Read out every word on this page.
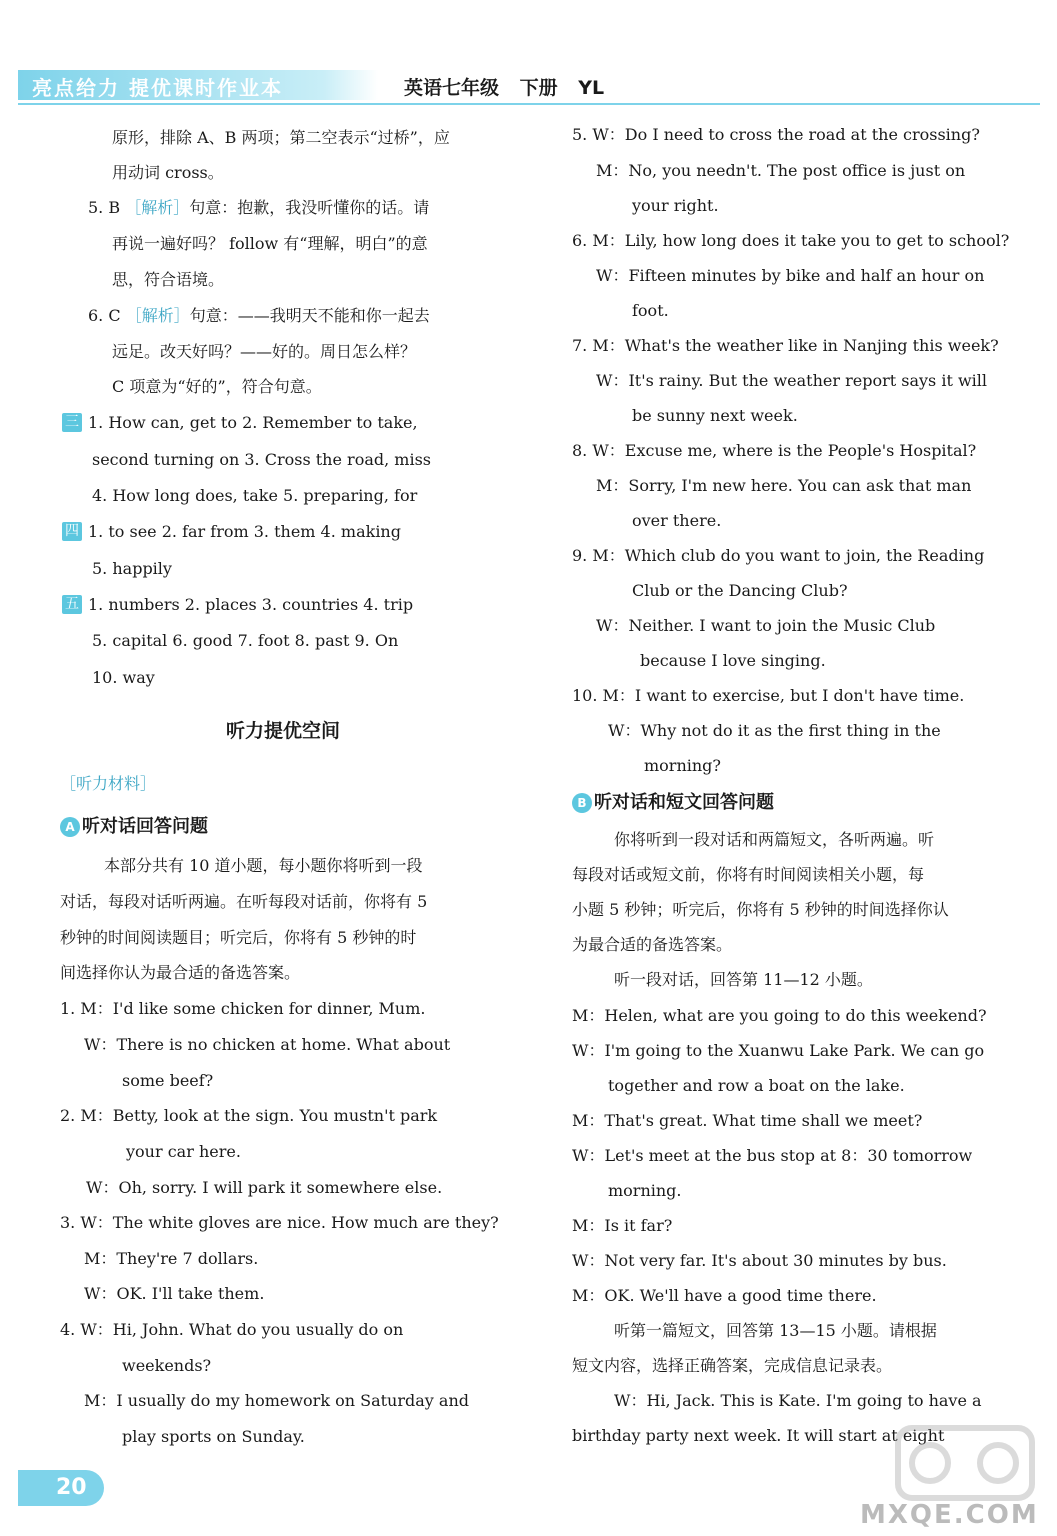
亮点给力 提优课时作业本	英语七年级 下册 YL
原形，排除 A、B 两项；第二空表示“过桥”，应
用动词 cross。
5. B ［解析］句意：抱歉，我没听懂你的话。请
再说一遍好吗？ follow 有“理解，明白”的意
思，符合语境。
6. C ［解析］句意：——我明天不能和你一起去
远足。改天好吗？——好的。周日怎么样？
C 项意为“好的”，符合句意。
三 1. How can, get to 2. Remember to take,
second turning on 3. Cross the road, miss
4. How long does, take 5. preparing, for
四 1. to see 2. far from 3. them 4. making
5. happily
五 1. numbers 2. places 3. countries 4. trip
5. capital 6. good 7. foot 8. past 9. On
10. way
听力提优空间
［听力材料］
A 听对话回答问题
本部分共有 10 道小题，每小题你将听到一段
对话，每段对话听两遍。在听每段对话前，你将有 5
秒钟的时间阅读题目；听完后，你将有 5 秒钟的时
间选择你认为最合适的备选答案。
1. M：I'd like some chicken for dinner, Mum.
W：There is no chicken at home. What about
some beef?
2. M：Betty, look at the sign. You mustn't park
your car here.
W：Oh, sorry. I will park it somewhere else.
3. W：The white gloves are nice. How much are they?
M：They're 7 dollars.
W：OK. I'll take them.
4. W：Hi, John. What do you usually do on
weekends?
M：I usually do my homework on Saturday and
play sports on Sunday.
5. W：Do I need to cross the road at the crossing?
M：No, you needn't. The post office is just on
your right.
6. M：Lily, how long does it take you to get to school?
W：Fifteen minutes by bike and half an hour on
foot.
7. M：What's the weather like in Nanjing this week?
W：It's rainy. But the weather report says it will
be sunny next week.
8. W：Excuse me, where is the People's Hospital?
M：Sorry, I'm new here. You can ask that man
over there.
9. M：Which club do you want to join, the Reading
Club or the Dancing Club?
W：Neither. I want to join the Music Club
because I love singing.
10. M：I want to exercise, but I don't have time.
W：Why not do it as the first thing in the
morning?
B 听对话和短文回答问题
你将听到一段对话和两篇短文，各听两遍。听
每段对话或短文前，你将有时间阅读相关小题，每
小题 5 秒钟；听完后，你将有 5 秒钟的时间选择你认
为最合适的备选答案。
听一段对话，回答第 11—12 小题。
M：Helen, what are you going to do this weekend?
W：I'm going to the Xuanwu Lake Park. We can go
together and row a boat on the lake.
M：That's great. What time shall we meet?
W：Let's meet at the bus stop at 8：30 tomorrow
morning.
M：Is it far?
W：Not very far. It's about 30 minutes by bus.
M：OK. We'll have a good time there.
听第一篇短文，回答第 13—15 小题。请根据
短文内容，选择正确答案，完成信息记录表。
W：Hi, Jack. This is Kate. I'm going to have a
birthday party next week. It will start at eight
20
MXQE.COM
